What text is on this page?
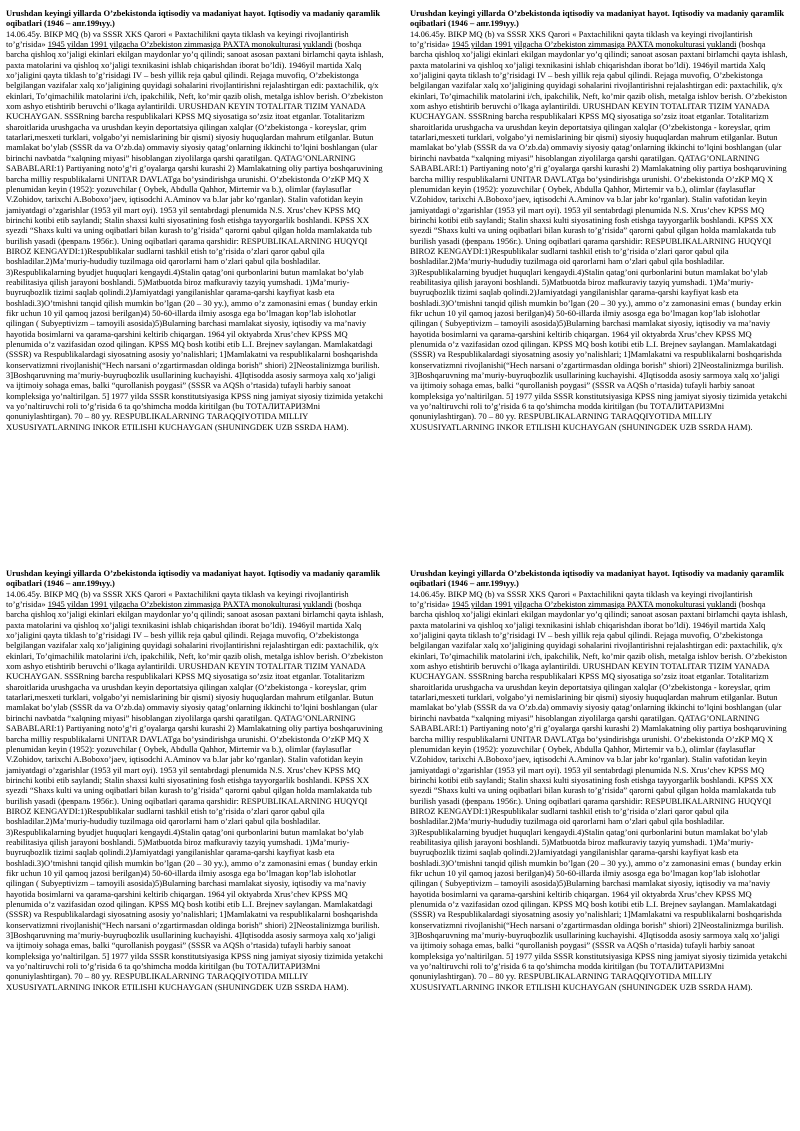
Urushdan keyingi yillarda O’zbekistonda iqtisodiy va madaniyat hayot. Iqtisodiy va madaniy qaramlik oqibatlari (1946 – апr.199ιyy.)

14.06.45y. BIKP MQ (b) va SSSR XKS Qarori « Paxtachilikni qayta tiklash va keyingi rivojlantirish to’g’risida» 1945 yildan 1991 yilgacha O’zbekiston zimmasiga PAXTA monokulturasi yuklandi (boshqa barcha qishloq xo’jaligi ekinlari ekilgan maydonlar yo’q qilindi; sanoat asosan paxtani birlamchi qayta ishlash, paxta matolarini va qishloq xo’jaligi texnikasini ishlab chiqarishdan iborat bo’ldi). 1946yil martida Xalq xo’jaligini qayta tiklash to’g’risidagi IV – besh yillik reja qabul qilindi. Rejaga muvofiq, O’zbekistonga belgilangan vazifalar xalq xo’jaligining quyidagi sohalarini rivojlantirishni rejalashtirgan edi: paxtachilik, q/x ekinlari, To’qimachilik matolarini i/ch, ipakchilik, Neft, ko’mir qazib olish, metalga ishlov berish. O’zbekiston xom ashyo etishtirib beruvchi o’lkaga aylantirildi. URUSHDAN KEYIN TOTALITAR TIZIM YANADA KUCHAYGAN. SSSRning barcha respublikalari KPSS MQ siyosatiga so’zsiz itoat etganlar. Totalitarizm sharoitlarida urushgacha va urushdan keyin deportatsiya qilingan xalqlar (O’zbekistonga - koreyslar, qrim tatarlari,mesxeti turklari, volgabo’yi nemislarining bir qismi) siyosiy huquqlardan mahrum etilganlar. Butun mamlakat bo’ylab (SSSR da va O’zb.da) ommaviy siyosiy qatag’onlarning ikkinchi to’lqini boshlangan (ular birinchi navbatda “xalqning miyasi” hisoblangan ziyolilarga qarshi qaratilgan. QATAG’ONLARNING SABABLARI:1) Partiyaning noto’g’ri g’oyalarga qarshi kurashi 2) Mamlakatning oliy partiya boshqaruvining barcha milliy respublikalarni UNITAR DAVLATga bo’ysindirishga urunishi. O’zbekistonda O’zKP MQ X plenumidan keyin (1952): yozuvchilar ( Oybek, Abdulla Qahhor, Mirtemir va b.), olimlar (faylasuflar V.Zohidov, tarixchi A.Boboxo’jaev, iqtisodchi A.Aminov va b.lar jabr ko’rganlar). Stalin vafotidan keyin jamiyatdagi o’zgarishlar (1953 yil mart oyi). 1953 yil sentabrdagi plenumida N.S. Xrus’chev KPSS MQ birinchi kotibi etib saylandi; Stalin shaxsi kulti siyosatining fosh etishga tayyorgarlik boshlandi. KPSS XX syezdi “Shaxs kulti va uning oqibatlari bilan kurash to’g’risida” qarorni qabul qilgan holda mamlakatda tub burilish yasadi (февраль 1956г.). Uning oqibatlari qarama qarshidir: RESPUBLIKALARNING HUQYQI BIROZ KENGAYDI:1)Respublikalar sudlarni tashkil etish to’g’risida o’zlari qaror qabul qila boshladilar.2)Ma’muriy-hududiy tuzilmaga oid qarorlarni ham o’zlari qabul qila boshladilar. 3)Respublikalarning byudjet huquqlari kengaydi.4)Stalin qatag’oni qurbonlarini butun mamlakat bo’ylab reabilitasiya qilish jarayoni boshlandi. 5)Matbuotda biroz mafkuraviy tazyiq yumshadi. 1)Ma’muriy-buyruqbozlik tizimi saqlab qolindi.2)Jamiyatdagi yangilanishlar qarama-qarshi kayfiyat kasb eta boshladi.3)O’tmishni tanqid qilish mumkin bo’lgan (20 – 30 yy.), ammo o’z zamonasini emas ( bunday erkin fikr uchun 10 yil qamoq jazosi berilgan)4) 50-60-illarda ilmiy asosga ega bo’lmagan kop’lab islohotlar qilingan ( Subyeptivizm – tamoyili asosida)5)Bularning barchasi mamlakat siyosiy, iqtisodiy va ma’naviy hayotida bosimlarni va qarama-qarshini keltirib chiqargan. 1964 yil oktyabrda Xrus’chev KPSS MQ plenumida o’z vazifasidan ozod qilingan. KPSS MQ bosh kotibi etib L.I. Brejnev saylangan. Mamlakatdagi (SSSR) va Respublikalardagi siyosatning asosiy yo’nalishlari; 1]Mamlakatni va respublikalarni boshqarishda konservatizmni rivojlanishi(“Hech narsani o’zgartirmasdan oldinga borish” shiori) 2]Neostalinizmga burilish. 3]Boshqaruvning ma’muriy-buyruqbozlik usullarining kuchayishi. 4]Iqtisodda asosiy sarmoya xalq xo’jaligi va ijtimoiy sohaga emas, balki “qurollanish poygasi” (SSSR va AQSh o’rtasida) tufayli harbiy sanoat kompleksiga yo’naltirilgan. 5] 1977 yilda SSSR konstitutsiyasiga KPSS ning jamiyat siyosiy tizimida yetakchi va yo’naltiruvchi roli to’g’risida 6 ta qo’shimcha modda kiritilgan (bu ТОТАЛИТАРИЗМni qonuniylashtirgan). 70 – 80 yy. RESPUBLIKALARNING TARAQQIYOTIDA MILLIY XUSUSIYATLARNING INKOR ETILISHI KUCHAYGAN (SHUNINGDEK UZB SSRDA HAM).

Urushdan keyingi yillarda O’zbekistonda iqtisodiy va madaniyat hayot. Iqtisodiy va madaniy qaramlik oqibatlari (1946 – апr.199ιyy.)

14.06.45y. BIKP MQ (b) va SSSR XKS Qarori « Paxtachilikni qayta tiklash va keyingi rivojlantirish to’g’risida» 1945 yildan 1991 yilgacha O’zbekiston zimmasiga PAXTA monokulturasi yuklandi (boshqa barcha qishloq xo’jaligi ekinlari ekilgan maydonlar yo’q qilindi; sanoat asosan paxtani birlamchi qayta ishlash, paxta matolarini va qishloq xo’jaligi texnikasini ishlab chiqarishdan iborat bo’ldi). 1946yil martida Xalq xo’jaligini qayta tiklash to’g’risidagi IV – besh yillik reja qabul qilindi. Rejaga muvofiq, O’zbekistonga belgilangan vazifalar xalq xo’jaligining quyidagi sohalarini rivojlantirishni rejalashtirgan edi: paxtachilik, q/x ekinlari, To’qimachilik matolarini i/ch, ipakchilik, Neft, ko’mir qazib olish, metalga ishlov berish. O’zbekiston xom ashyo etishtirib beruvchi o’lkaga aylantirildi. URUSHDAN KEYIN TOTALITAR TIZIM YANADA KUCHAYGAN. SSSRning barcha respublikalari KPSS MQ siyosatiga so’zsiz itoat etganlar. Totalitarizm sharoitlarida urushgacha va urushdan keyin deportatsiya qilingan xalqlar (O’zbekistonga - koreyslar, qrim tatarlari,mesxeti turklari, volgabo’yi nemislarining bir qismi) siyosiy huquqlardan mahrum etilganlar. Butun mamlakat bo’ylab (SSSR da va O’zb.da) ommaviy siyosiy qatag’onlarning ikkinchi to’lqini boshlangan (ular birinchi navbatda “xalqning miyasi” hisoblangan ziyolilarga qarshi qaratilgan. QATAG’ONLARNING SABABLARI:1) Partiyaning noto’g’ri g’oyalarga qarshi kurashi 2) Mamlakatning oliy partiya boshqaruvining barcha milliy respublikalarni UNITAR DAVLATga bo’ysindirishga urunishi. O’zbekistonda O’zKP MQ X plenumidan keyin (1952): yozuvchilar ( Oybek, Abdulla Qahhor, Mirtemir va b.), olimlar (faylasuflar V.Zohidov, tarixchi A.Boboxo’jaev, iqtisodchi A.Aminov va b.lar jabr ko’rganlar). Stalin vafotidan keyin jamiyatdagi o’zgarishlar (1953 yil mart oyi). 1953 yil sentabrdagi plenumida N.S. Xrus’chev KPSS MQ birinchi kotibi etib saylandi; Stalin shaxsi kulti siyosatining fosh etishga tayyorgarlik boshlandi. KPSS XX syezdi “Shaxs kulti va uning oqibatlari bilan kurash to’g’risida” qarorni qabul qilgan holda mamlakatda tub burilish yasadi (февраль 1956г.). Uning oqibatlari qarama qarshidir: RESPUBLIKALARNING HUQYQI BIROZ KENGAYDI:1)Respublikalar sudlarni tashkil etish to’g’risida o’zlari qaror qabul qila boshladilar.2)Ma’muriy-hududiy tuzilmaga oid qarorlarni ham o’zlari qabul qila boshladilar. 3)Respublikalarning byudjet huquqlari kengaydi.4)Stalin qatag’oni qurbonlarini butun mamlakat bo’ylab reabilitasiya qilish jarayoni boshlandi. 5)Matbuotda biroz mafkuraviy tazyiq yumshadi. 1)Ma’muriy-buyruqbozlik tizimi saqlab qolindi.2)Jamiyatdagi yangilanishlar qarama-qarshi kayfiyat kasb eta boshladi.3)O’tmishni tanqid qilish mumkin bo’lgan (20 – 30 yy.), ammo o’z zamonasini emas ( bunday erkin fikr uchun 10 yil qamoq jazosi berilgan)4) 50-60-illarda ilmiy asosga ega bo’lmagan kop’lab islohotlar qilingan ( Subyeptivizm – tamoyili asosida)5)Bularning barchasi mamlakat siyosiy, iqtisodiy va ma’naviy hayotida bosimlarni va qarama-qarshini keltirib chiqargan. 1964 yil oktyabrda Xrus’chev KPSS MQ plenumida o’z vazifasidan ozod qilingan. KPSS MQ bosh kotibi etib L.I. Brejnev saylangan. Mamlakatdagi (SSSR) va Respublikalardagi siyosatning asosiy yo’nalishlari; 1]Mamlakatni va respublikalarni boshqarishda konservatizmni rivojlanishi(“Hech narsani o’zgartirmasdan oldinga borish” shiori) 2]Neostalinizmga burilish. 3]Boshqaruvning ma’muriy-buyruqbozlik usullarining kuchayishi. 4]Iqtisodda asosiy sarmoya xalq xo’jaligi va ijtimoiy sohaga emas, balki “qurollanish poygasi” (SSSR va AQSh o’rtasida) tufayli harbiy sanoat kompleksiga yo’naltirilgan. 5] 1977 yilda SSSR konstitutsiyasiga KPSS ning jamiyat siyosiy tizimida yetakchi va yo’naltiruvchi roli to’g’risida 6 ta qo’shimcha modda kiritilgan (bu ТОТАЛИТАРИЗМni qonuniylashtirgan). 70 – 80 yy. RESPUBLIKALARNING TARAQQIYOTIDA MILLIY XUSUSIYATLARNING INKOR ETILISHI KUCHAYGAN (SHUNINGDEK UZB SSRDA HAM).

Urushdan keyingi yillarda O’zbekistonda iqtisodiy va madaniyat hayot. Iqtisodiy va madaniy qaramlik oqibatlari (1946 – апr.199ιyy.)

14.06.45y. BIKP MQ (b) va SSSR XKS Qarori « Paxtachilikni qayta tiklash va keyingi rivojlantirish to’g’risida» 1945 yildan 1991 yilgacha O’zbekiston zimmasiga PAXTA monokulturasi yuklandi (boshqa barcha qishloq xo’jaligi ekinlari ekilgan maydonlar yo’q qilindi; sanoat asosan paxtani birlamchi qayta ishlash, paxta matolarini va qishloq xo’jaligi texnikasini ishlab chiqarishdan iborat bo’ldi). 1946yil martida Xalq xo’jaligini qayta tiklash to’g’risidagi IV – besh yillik reja qabul qilindi. Rejaga muvofiq, O’zbekistonga belgilangan vazifalar xalq xo’jaligining quyidagi sohalarini rivojlantirishni rejalashtirgan edi: paxtachilik, q/x ekinlari, To’qimachilik matolarini i/ch, ipakchilik, Neft, ko’mir qazib olish, metalga ishlov berish. O’zbekiston xom ashyo etishtirib beruvchi o’lkaga aylantirildi. URUSHDAN KEYIN TOTALITAR TIZIM YANADA KUCHAYGAN. SSSRning barcha respublikalari KPSS MQ siyosatiga so’zsiz itoat etganlar. Totalitarizm sharoitlarida urushgacha va urushdan keyin deportatsiya qilingan xalqlar (O’zbekistonga - koreyslar, qrim tatarlari,mesxeti turklari, volgabo’yi nemislarining bir qismi) siyosiy huquqlardan mahrum etilganlar. Butun mamlakat bo’ylab (SSSR da va O’zb.da) ommaviy siyosiy qatag’onlarning ikkinchi to’lqini boshlangan (ular birinchi navbatda “xalqning miyasi” hisoblangan ziyolilarga qarshi qaratilgan. QATAG’ONLARNING SABABLARI:1) Partiyaning noto’g’ri g’oyalarga qarshi kurashi 2) Mamlakatning oliy partiya boshqaruvining barcha milliy respublikalarni UNITAR DAVLATga bo’ysindirishga urunishi. O’zbekistonda O’zKP MQ X plenumidan keyin (1952): yozuvchilar ( Oybek, Abdulla Qahhor, Mirtemir va b.), olimlar (faylasuflar V.Zohidov, tarixchi A.Boboxo’jaev, iqtisodchi A.Aminov va b.lar jabr ko’rganlar). Stalin vafotidan keyin jamiyatdagi o’zgarishlar (1953 yil mart oyi). 1953 yil sentabrdagi plenumida N.S. Xrus’chev KPSS MQ birinchi kotibi etib saylandi; Stalin shaxsi kulti siyosatining fosh etishga tayyorgarlik boshlandi. KPSS XX syezdi “Shaxs kulti va uning oqibatlari bilan kurash to’g’risida” qarorni qabul qilgan holda mamlakatda tub burilish yasadi (февраль 1956г.). Uning oqibatlari qarama qarshidir: RESPUBLIKALARNING HUQYQI BIROZ KENGAYDI:1)Respublikalar sudlarni tashkil etish to’g’risida o’zlari qaror qabul qila boshladilar.2)Ma’muriy-hududiy tuzilmaga oid qarorlarni ham o’zlari qabul qila boshladilar. 3)Respublikalarning byudjet huquqlari kengaydi.4)Stalin qatag’oni qurbonlarini butun mamlakat bo’ylab reabilitasiya qilish jarayoni boshlandi. 5)Matbuotda biroz mafkuraviy tazyiq yumshadi. 1)Ma’muriy-buyruqbozlik tizimi saqlab qolindi.2)Jamiyatdagi yangilanishlar qarama-qarshi kayfiyat kasb eta boshladi.3)O’tmishni tanqid qilish mumkin bo’lgan (20 – 30 yy.), ammo o’z zamonasini emas ( bunday erkin fikr uchun 10 yil qamoq jazosi berilgan)4) 50-60-illarda ilmiy asosga ega bo’lmagan kop’lab islohotlar qilingan ( Subyeptivizm – tamoyili asosida)5)Bularning barchasi mamlakat siyosiy, iqtisodiy va ma’naviy hayotida bosimlarni va qarama-qarshini keltirib chiqargan. 1964 yil oktyabrda Xrus’chev KPSS MQ plenumida o’z vazifasidan ozod qilingan. KPSS MQ bosh kotibi etib L.I. Brejnev saylangan. Mamlakatdagi (SSSR) va Respublikalardagi siyosatning asosiy yo’nalishlari; 1]Mamlakatni va respublikalarni boshqarishda konservatizmni rivojlanishi(“Hech narsani o’zgartirmasdan oldinga borish” shiori) 2]Neostalinizmga burilish. 3]Boshqaruvning ma’muriy-buyruqbozlik usullarining kuchayishi. 4]Iqtisodda asosiy sarmoya xalq xo’jaligi va ijtimoiy sohaga emas, balki “qurollanish poygasi” (SSSR va AQSh o’rtasida) tufayli harbiy sanoat kompleksiga yo’naltirilgan. 5] 1977 yilda SSSR konstitutsiyasiga KPSS ning jamiyat siyosiy tizimida yetakchi va yo’naltiruvchi roli to’g’risida 6 ta qo’shimcha modda kiritilgan (bu ТОТАЛИТАРИЗМni qonuniylashtirgan). 70 – 80 yy. RESPUBLIKALARNING TARAQQIYOTIDA MILLIY XUSUSIYATLARNING INKOR ETILISHI KUCHAYGAN (SHUNINGDEK UZB SSRDA HAM).

Urushdan keyingi yillarda O’zbekistonda iqtisodiy va madaniyat hayot. Iqtisodiy va madaniy qaramlik oqibatlari (1946 – апr.199ιyy.)

14.06.45y. BIKP MQ (b) va SSSR XKS Qarori « Paxtachilikni qayta tiklash va keyingi rivojlantirish to’g’risida» 1945 yildan 1991 yilgacha O’zbekiston zimmasiga PAXTA monokulturasi yuklandi (boshqa barcha qishloq xo’jaligi ekinlari ekilgan maydonlar yo’q qilindi; sanoat asosan paxtani birlamchi qayta ishlash, paxta matolarini va qishloq xo’jaligi texnikasini ishlab chiqarishdan iborat bo’ldi). 1946yil martida Xalq xo’jaligini qayta tiklash to’g’risidagi IV – besh yillik reja qabul qilindi. Rejaga muvofiq, O’zbekistonga belgilangan vazifalar xalq xo’jaligining quyidagi sohalarini rivojlantirishni rejalashtirgan edi: paxtachilik, q/x ekinlari, To’qimachilik matolarini i/ch, ipakchilik, Neft, ko’mir qazib olish, metalga ishlov berish. O’zbekiston xom ashyo etishtirib beruvchi o’lkaga aylantirildi. URUSHDAN KEYIN TOTALITAR TIZIM YANADA KUCHAYGAN. SSSRning barcha respublikalari KPSS MQ siyosatiga so’zsiz itoat etganlar. Totalitarizm sharoitlarida urushgacha va urushdan keyin deportatsiya qilingan xalqlar (O’zbekistonga - koreyslar, qrim tatarlari,mesxeti turklari, volgabo’yi nemislarining bir qismi) siyosiy huquqlardan mahrum etilganlar. Butun mamlakat bo’ylab (SSSR da va O’zb.da) ommaviy siyosiy qatag’onlarning ikkinchi to’lqini boshlangan (ular birinchi navbatda “xalqning miyasi” hisoblangan ziyolilarga qarshi qaratilgan. QATAG’ONLARNING SABABLARI:1) Partiyaning noto’g’ri g’oyalarga qarshi kurashi 2) Mamlakatning oliy partiya boshqaruvining barcha milliy respublikalarni UNITAR DAVLATga bo’ysindirishga urunishi. O’zbekistonda O’zKP MQ X plenumidan keyin (1952): yozuvchilar ( Oybek, Abdulla Qahhor, Mirtemir va b.), olimlar (faylasuflar V.Zohidov, tarixchi A.Boboxo’jaev, iqtisodchi A.Aminov va b.lar jabr ko’rganlar). Stalin vafotidan keyin jamiyatdagi o’zgarishlar (1953 yil mart oyi). 1953 yil sentabrdagi plenumida N.S. Xrus’chev KPSS MQ birinchi kotibi etib saylandi; Stalin shaxsi kulti siyosatining fosh etishga tayyorgarlik boshlandi. KPSS XX syezdi “Shaxs kulti va uning oqibatlari bilan kurash to’g’risida” qarorni qabul qilgan holda mamlakatda tub burilish yasadi (февраль 1956г.). Uning oqibatlari qarama qarshidir: RESPUBLIKALARNING HUQYQI BIROZ KENGAYDI:1)Respublikalar sudlarni tashkil etish to’g’risida o’zlari qaror qabul qila boshladilar.2)Ma’muriy-hududiy tuzilmaga oid qarorlarni ham o’zlari qabul qila boshladilar. 3)Respublikalarning byudjet huquqlari kengaydi.4)Stalin qatag’oni qurbonlarini butun mamlakat bo’ylab reabilitasiya qilish jarayoni boshlandi. 5)Matbuotda biroz mafkuraviy tazyiq yumshadi. 1)Ma’muriy-buyruqbozlik tizimi saqlab qolindi.2)Jamiyatdagi yangilanishlar qarama-qarshi kayfiyat kasb eta boshladi.3)O’tmishni tanqid qilish mumkin bo’lgan (20 – 30 yy.), ammo o’z zamonasini emas ( bunday erkin fikr uchun 10 yil qamoq jazosi berilgan)4) 50-60-illarda ilmiy asosga ega bo’lmagan kop’lab islohotlar qilingan ( Subyeptivizm – tamoyili asosida)5)Bularning barchasi mamlakat siyosiy, iqtisodiy va ma’naviy hayotida bosimlarni va qarama-qarshini keltirib chiqargan. 1964 yil oktyabrda Xrus’chev KPSS MQ plenumida o’z vazifasidan ozod qilingan. KPSS MQ bosh kotibi etib L.I. Brejnev saylangan. Mamlakatdagi (SSSR) va Respublikalardagi siyosatning asosiy yo’nalishlari; 1]Mamlakatni va respublikalarni boshqarishda konservatizmni rivojlanishi(“Hech narsani o’zgartirmasdan oldinga borish” shiori) 2]Neostalinizmga burilish. 3]Boshqaruvning ma’muriy-buyruqbozlik usullarining kuchayishi. 4]Iqtisodda asosiy sarmoya xalq xo’jaligi va ijtimoiy sohaga emas, balki “qurollanish poygasi” (SSSR va AQSh o’rtasida) tufayli harbiy sanoat kompleksiga yo’naltirilgan. 5] 1977 yilda SSSR konstitutsiyasiga KPSS ning jamiyat siyosiy tizimida yetakchi va yo’naltiruvchi roli to’g’risida 6 ta qo’shimcha modda kiritilgan (bu ТОТАЛИТАРИЗМni qonuniylashtirgan). 70 – 80 yy. RESPUBLIKALARNING TARAQQIYOTIDA MILLIY XUSUSIYATLARNING INKOR ETILISHI KUCHAYGAN (SHUNINGDEK UZB SSRDA HAM).
